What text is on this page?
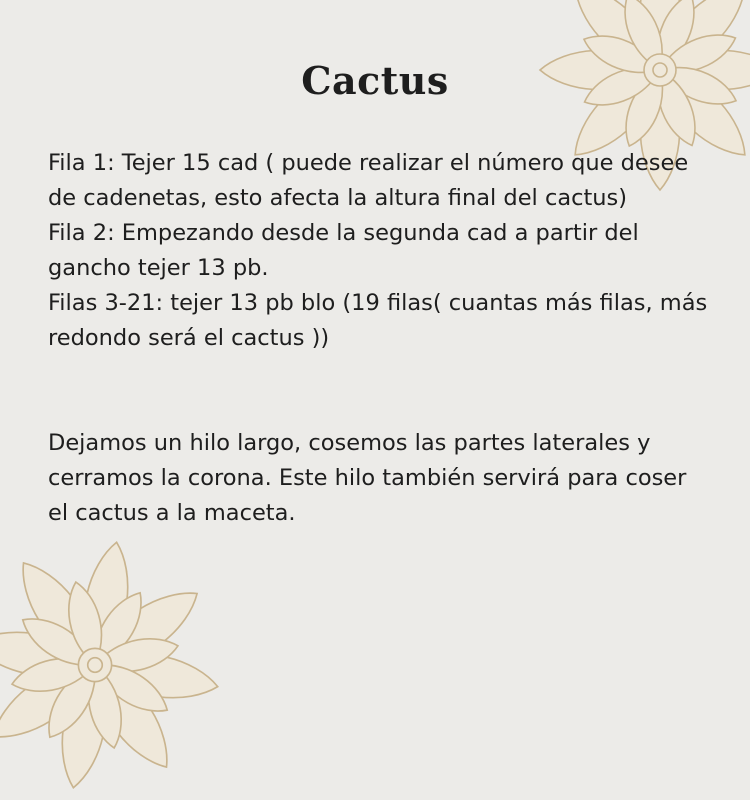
Cactus

Fila 1: Tejer 15 cad ( puede realizar el número que desee de cadenetas, esto afecta la altura final del cactus)

Fila 2: Empezando desde la segunda cad a partir del gancho tejer 13 pb.

Filas 3-21: tejer 13 pb blo (19 filas( cuantas más filas, más redondo será el cactus ))

Dejamos un hilo largo, cosemos las partes laterales y cerramos la corona. Este hilo también servirá para coser el cactus a la maceta.
